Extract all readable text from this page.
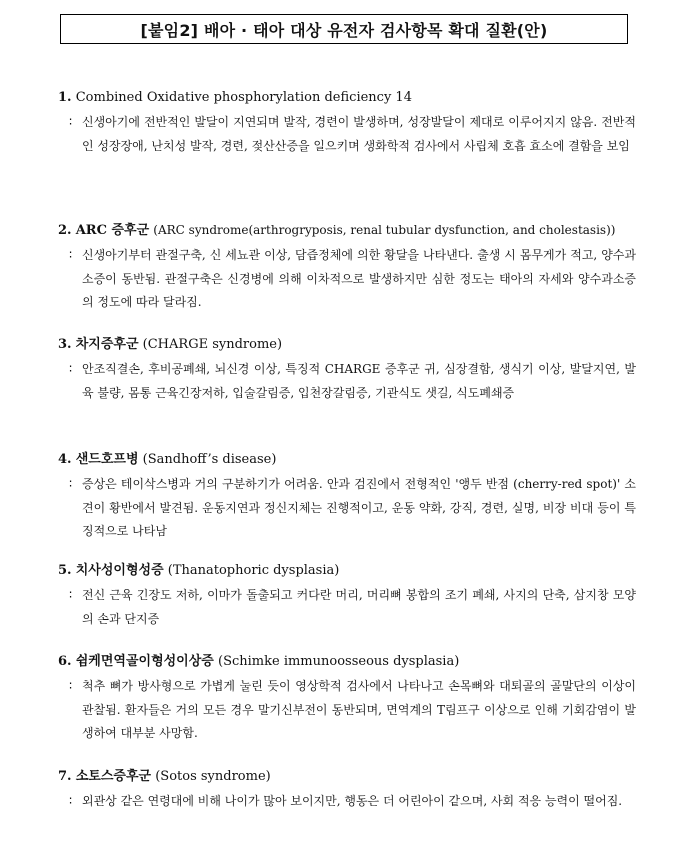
[붙임2] 배아 · 태아 대상 유전자 검사항목 확대 질환(안)
1. Combined Oxidative phosphorylation deficiency 14
∶ 신생아기에 전반적인 발달이 지연되며 발작, 경련이 발생하며, 성장발달이 제대로 이루어지지 않음. 전반적인 성장장애, 난치성 발작, 경련, 젖산산증을 일으키며 생화학적 검사에서 사립체 호흡 효소에 결함을 보임
2. ARC 증후군 (ARC syndrome(arthrogryposis, renal tubular dysfunction, and cholestasis))
∶ 신생아기부터 관절구축, 신 세뇨관 이상, 담즙정체에 의한 황달을 나타낸다. 출생 시 몸무게가 적고, 양수과소증이 동반됨. 관절구축은 신경병에 의해 이차적으로 발생하지만 심한 정도는 태아의 자세와 양수과소증의 정도에 따라 달라짐.
3. 차지증후군 (CHARGE syndrome)
∶ 안조직결손, 후비공폐쇄, 뇌신경 이상, 특징적 CHARGE 증후군 귀, 심장결함, 생식기 이상, 발달지연, 발육 불량, 몸통 근육긴장저하, 입술갈림증, 입천장갈림증, 기관식도 샛길, 식도폐쇄증
4. 샌드호프병 (Sandhoff’s disease)
∶ 증상은 테이삭스병과 거의 구분하기가 어려움. 안과 검진에서 전형적인 '앵두 반점 (cherry-red spot)' 소견이 황반에서 발견됨. 운동지연과 정신지체는 진행적이고, 운동 약화, 강직, 경련, 실명, 비장 비대 등이 특징적으로 나타남
5. 치사성이형성증 (Thanatophoric dysplasia)
∶ 전신 근육 긴장도 저하, 이마가 돌출되고 커다란 머리, 머리뼈 봉합의 조기 폐쇄, 사지의 단축, 삼지창 모양의 손과 단지증
6. 쉼케면역골이형성이상증 (Schimke immunoosseous dysplasia)
∶ 척추 뼈가 방사형으로 가볍게 눌린 듯이 영상학적 검사에서 나타나고 손목뼈와 대퇴골의 골말단의 이상이 관찰됨. 환자들은 거의 모든 경우 말기신부전이 동반되며, 면역계의 T림프구 이상으로 인해 기회감염이 발생하여 대부분 사망함.
7. 소토스증후군 (Sotos syndrome)
∶ 외관상 같은 연령대에 비해 나이가 많아 보이지만, 행동은 더 어린아이 같으며, 사회 적응 능력이 떨어짐.
